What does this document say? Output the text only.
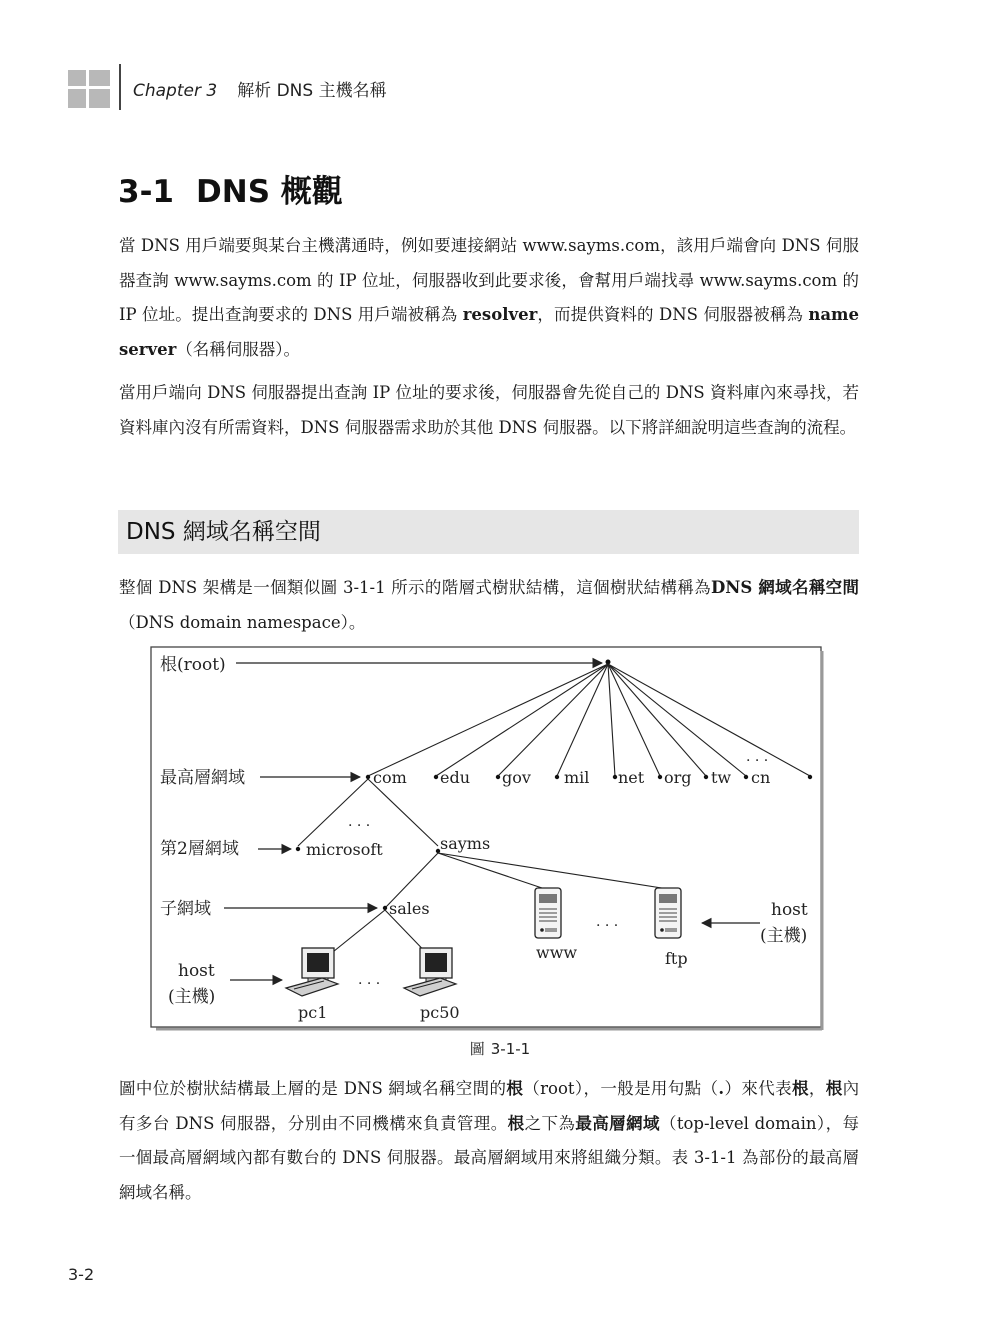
Chapter 3 解析 DNS 主機名稱
3-1 DNS 概觀

當 DNS 用戶端要與某台主機溝通時，例如要連接網站 www.sayms.com，該用戶端會向 DNS 伺服器查詢 www.sayms.com 的 IP 位址，伺服器收到此要求後，會幫用戶端找尋 www.sayms.com 的 IP 位址。提出查詢要求的 DNS 用戶端被稱為 resolver，而提供資料的 DNS 伺服器被稱為 name server（名稱伺服器）。

當用戶端向 DNS 伺服器提出查詢 IP 位址的要求後，伺服器會先從自己的 DNS 資料庫內來尋找，若資料庫內沒有所需資料，DNS 伺服器需求助於其他 DNS 伺服器。以下將詳細說明這些查詢的流程。

DNS 網域名稱空間

整個 DNS 架構是一個類似圖 3-1-1 所示的階層式樹狀結構，這個樹狀結構稱為DNS 網域名稱空間（DNS domain namespace）。

根(root)
最高層網域	com edu gov mil net org tw cn
. . .
. . .
第2層網域	microsoft	sayms
子網域	sales
www
. . .
ftp
host
(主機)
pc1
. . .
pc50
host
(主機)
圖 3-1-1

圖中位於樹狀結構最上層的是 DNS 網域名稱空間的根（root），一般是用句點（.）來代表根，根內有多台 DNS 伺服器，分別由不同機構來負責管理。根之下為最高層網域（top-level domain），每一個最高層網域內都有數台的 DNS 伺服器。最高層網域用來將組織分類。表 3-1-1 為部份的最高層網域名稱。

3-2
